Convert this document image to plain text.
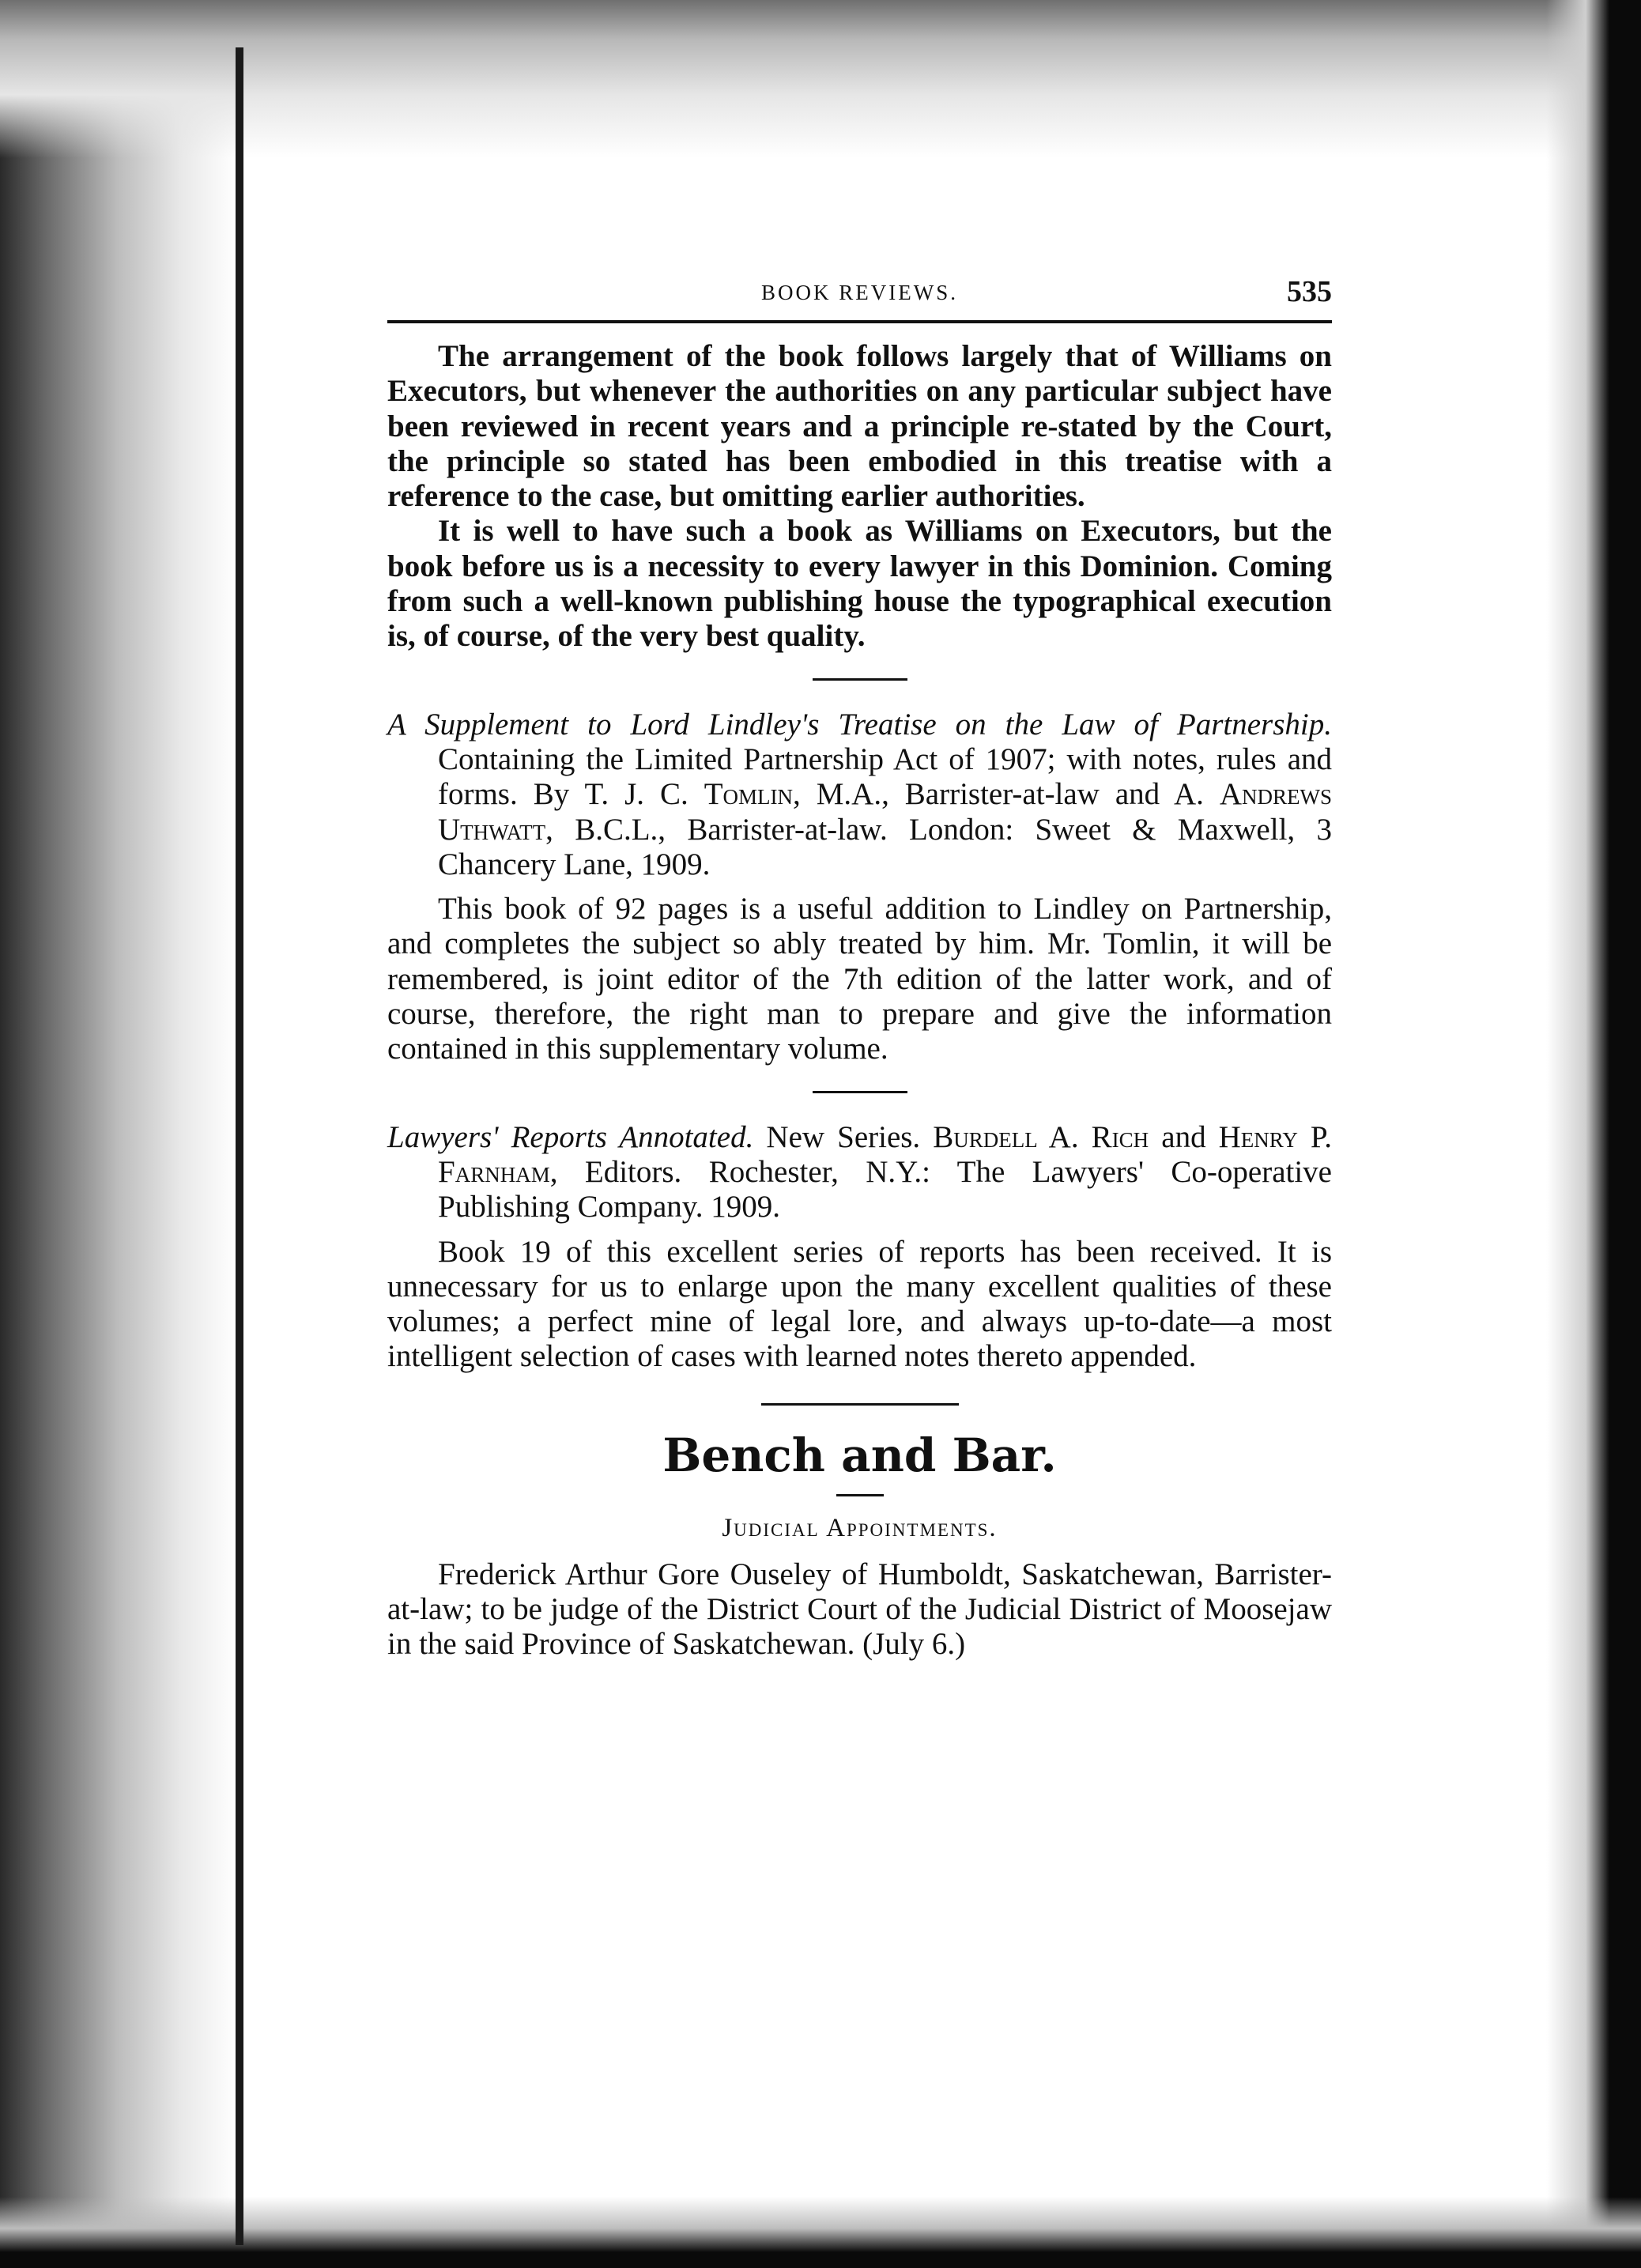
BOOK REVIEWS.	535

The arrangement of the book follows largely that of Williams on Executors, but whenever the authorities on any particular subject have been reviewed in recent years and a principle re-stated by the Court, the principle so stated has been embodied in this treatise with a reference to the case, but omitting earlier authorities.

It is well to have such a book as Williams on Executors, but the book before us is a necessity to every lawyer in this Dominion. Coming from such a well-known publishing house the typographical execution is, of course, of the very best quality.

A Supplement to Lord Lindley's Treatise on the Law of Partnership. Containing the Limited Partnership Act of 1907; with notes, rules and forms. By T. J. C. Tomlin, M.A., Barrister-at-law and A. Andrews Uthwatt, B.C.L., Barrister-at-law. London: Sweet & Maxwell, 3 Chancery Lane, 1909.

This book of 92 pages is a useful addition to Lindley on Partnership, and completes the subject so ably treated by him. Mr. Tomlin, it will be remembered, is joint editor of the 7th edition of the latter work, and of course, therefore, the right man to prepare and give the information contained in this supplementary volume.

Lawyers' Reports Annotated. New Series. Burdell A. Rich and Henry P. Farnham, Editors. Rochester, N.Y.: The Lawyers' Co-operative Publishing Company. 1909.

Book 19 of this excellent series of reports has been received. It is unnecessary for us to enlarge upon the many excellent qualities of these volumes; a perfect mine of legal lore, and always up-to-date—a most intelligent selection of cases with learned notes thereto appended.

Bench and Bar.
Judicial Appointments.

Frederick Arthur Gore Ouseley of Humboldt, Saskatchewan, Barrister-at-law; to be judge of the District Court of the Judicial District of Moosejaw in the said Province of Saskatchewan. (July 6.)
